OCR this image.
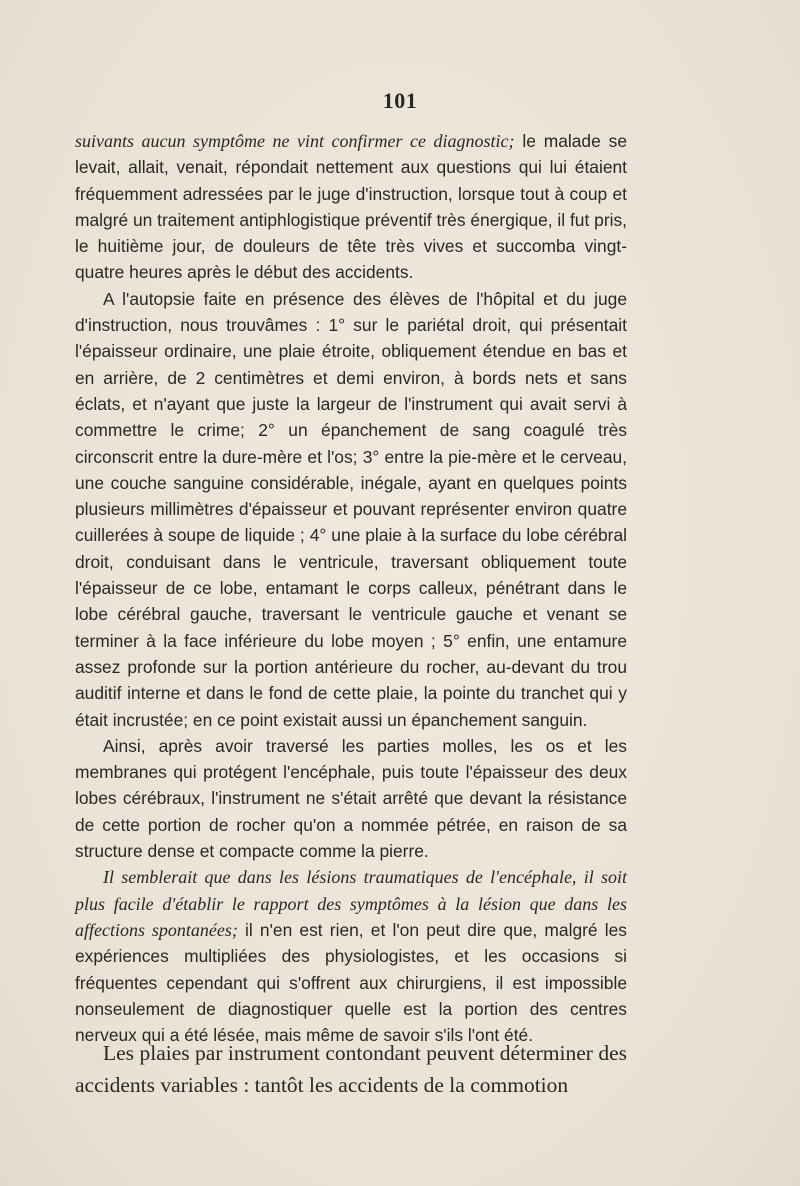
101

suivants aucun symptôme ne vint confirmer ce diagnostic; le malade se levait, allait, venait, répondait nettement aux questions qui lui étaient fréquemment adressées par le juge d'instruction, lorsque tout à coup et malgré un traitement antiphlogistique préventif très énergique, il fut pris, le huitième jour, de douleurs de tête très vives et succomba vingt-quatre heures après le début des accidents.

A l'autopsie faite en présence des élèves de l'hôpital et du juge d'instruction, nous trouvâmes : 1° sur le pariétal droit, qui présentait l'épaisseur ordinaire, une plaie étroite, obliquement étendue en bas et en arrière, de 2 centimètres et demi environ, à bords nets et sans éclats, et n'ayant que juste la largeur de l'instrument qui avait servi à commettre le crime; 2° un épanchement de sang coagulé très circonscrit entre la dure-mère et l'os; 3° entre la pie-mère et le cerveau, une couche sanguine considérable, inégale, ayant en quelques points plusieurs millimètres d'épaisseur et pouvant représenter environ quatre cuillerées à soupe de liquide ; 4° une plaie à la surface du lobe cérébral droit, conduisant dans le ventricule, traversant obliquement toute l'épaisseur de ce lobe, entamant le corps calleux, pénétrant dans le lobe cérébral gauche, traversant le ventricule gauche et venant se terminer à la face inférieure du lobe moyen ; 5° enfin, une entamure assez profonde sur la portion antérieure du rocher, au-devant du trou auditif interne et dans le fond de cette plaie, la pointe du tranchet qui y était incrustée; en ce point existait aussi un épanchement sanguin.

Ainsi, après avoir traversé les parties molles, les os et les membranes qui protégent l'encéphale, puis toute l'épaisseur des deux lobes cérébraux, l'instrument ne s'était arrêté que devant la résistance de cette portion de rocher qu'on a nommée pétrée, en raison de sa structure dense et compacte comme la pierre.

Il semblerait que dans les lésions traumatiques de l'encéphale, il soit plus facile d'établir le rapport des symptômes à la lésion que dans les affections spontanées; il n'en est rien, et l'on peut dire que, malgré les expériences multipliées des physiologistes, et les occasions si fréquentes cependant qui s'offrent aux chirurgiens, il est impossible nonseulement de diagnostiquer quelle est la portion des centres nerveux qui a été lésée, mais même de savoir s'ils l'ont été.

Les plaies par instrument contondant peuvent déterminer des accidents variables : tantôt les accidents de la commotion
